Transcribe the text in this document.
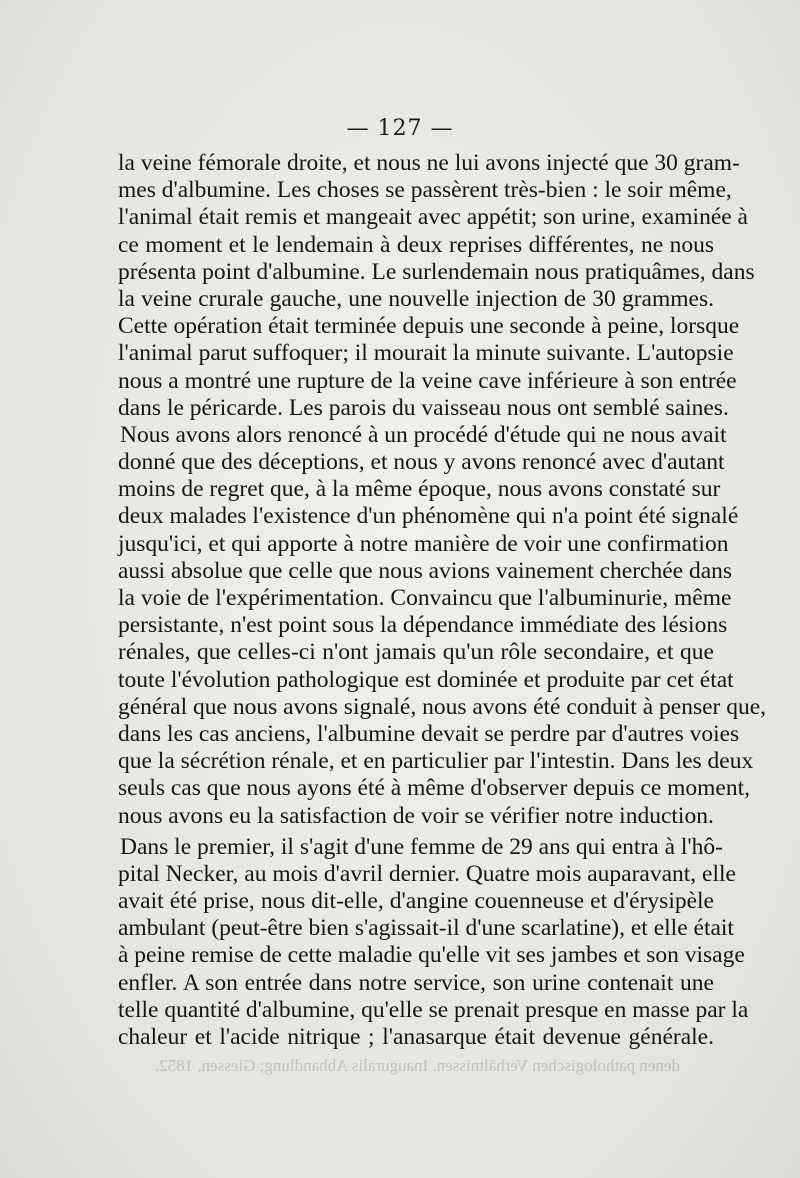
— 127 —
la veine fémorale droite, et nous ne lui avons injecté que 30 gram-
mes d'albumine. Les choses se passèrent très-bien : le soir même,
l'animal était remis et mangeait avec appétit; son urine, examinée à
ce moment et le lendemain à deux reprises différentes, ne nous
présenta point d'albumine. Le surlendemain nous pratiquâmes, dans
la veine crurale gauche, une nouvelle injection de 30 grammes.
Cette opération était terminée depuis une seconde à peine, lorsque
l'animal parut suffoquer; il mourait la minute suivante. L'autopsie
nous a montré une rupture de la veine cave inférieure à son entrée
dans le péricarde. Les parois du vaisseau nous ont semblé saines.
Nous avons alors renoncé à un procédé d'étude qui ne nous avait
donné que des déceptions, et nous y avons renoncé avec d'autant
moins de regret que, à la même époque, nous avons constaté sur
deux malades l'existence d'un phénomène qui n'a point été signalé
jusqu'ici, et qui apporte à notre manière de voir une confirmation
aussi absolue que celle que nous avions vainement cherchée dans
la voie de l'expérimentation. Convaincu que l'albuminurie, même
persistante, n'est point sous la dépendance immédiate des lésions
rénales, que celles-ci n'ont jamais qu'un rôle secondaire, et que
toute l'évolution pathologique est dominée et produite par cet état
général que nous avons signalé, nous avons été conduit à penser que,
dans les cas anciens, l'albumine devait se perdre par d'autres voies
que la sécrétion rénale, et en particulier par l'intestin. Dans les deux
seuls cas que nous ayons été à même d'observer depuis ce moment,
nous avons eu la satisfaction de voir se vérifier notre induction.
Dans le premier, il s'agit d'une femme de 29 ans qui entra à l'hô-
pital Necker, au mois d'avril dernier. Quatre mois auparavant, elle
avait été prise, nous dit-elle, d'angine couenneuse et d'érysipèle
ambulant (peut-être bien s'agissait-il d'une scarlatine), et elle était
à peine remise de cette maladie qu'elle vit ses jambes et son visage
enfler. A son entrée dans notre service, son urine contenait une
telle quantité d'albumine, qu'elle se prenait presque en masse par la
chaleur et l'acide nitrique ; l'anasarque était devenue générale.
denen pathologischen Verhältnissen. Inauguralis Abhandlung; Giessen, 1852.
